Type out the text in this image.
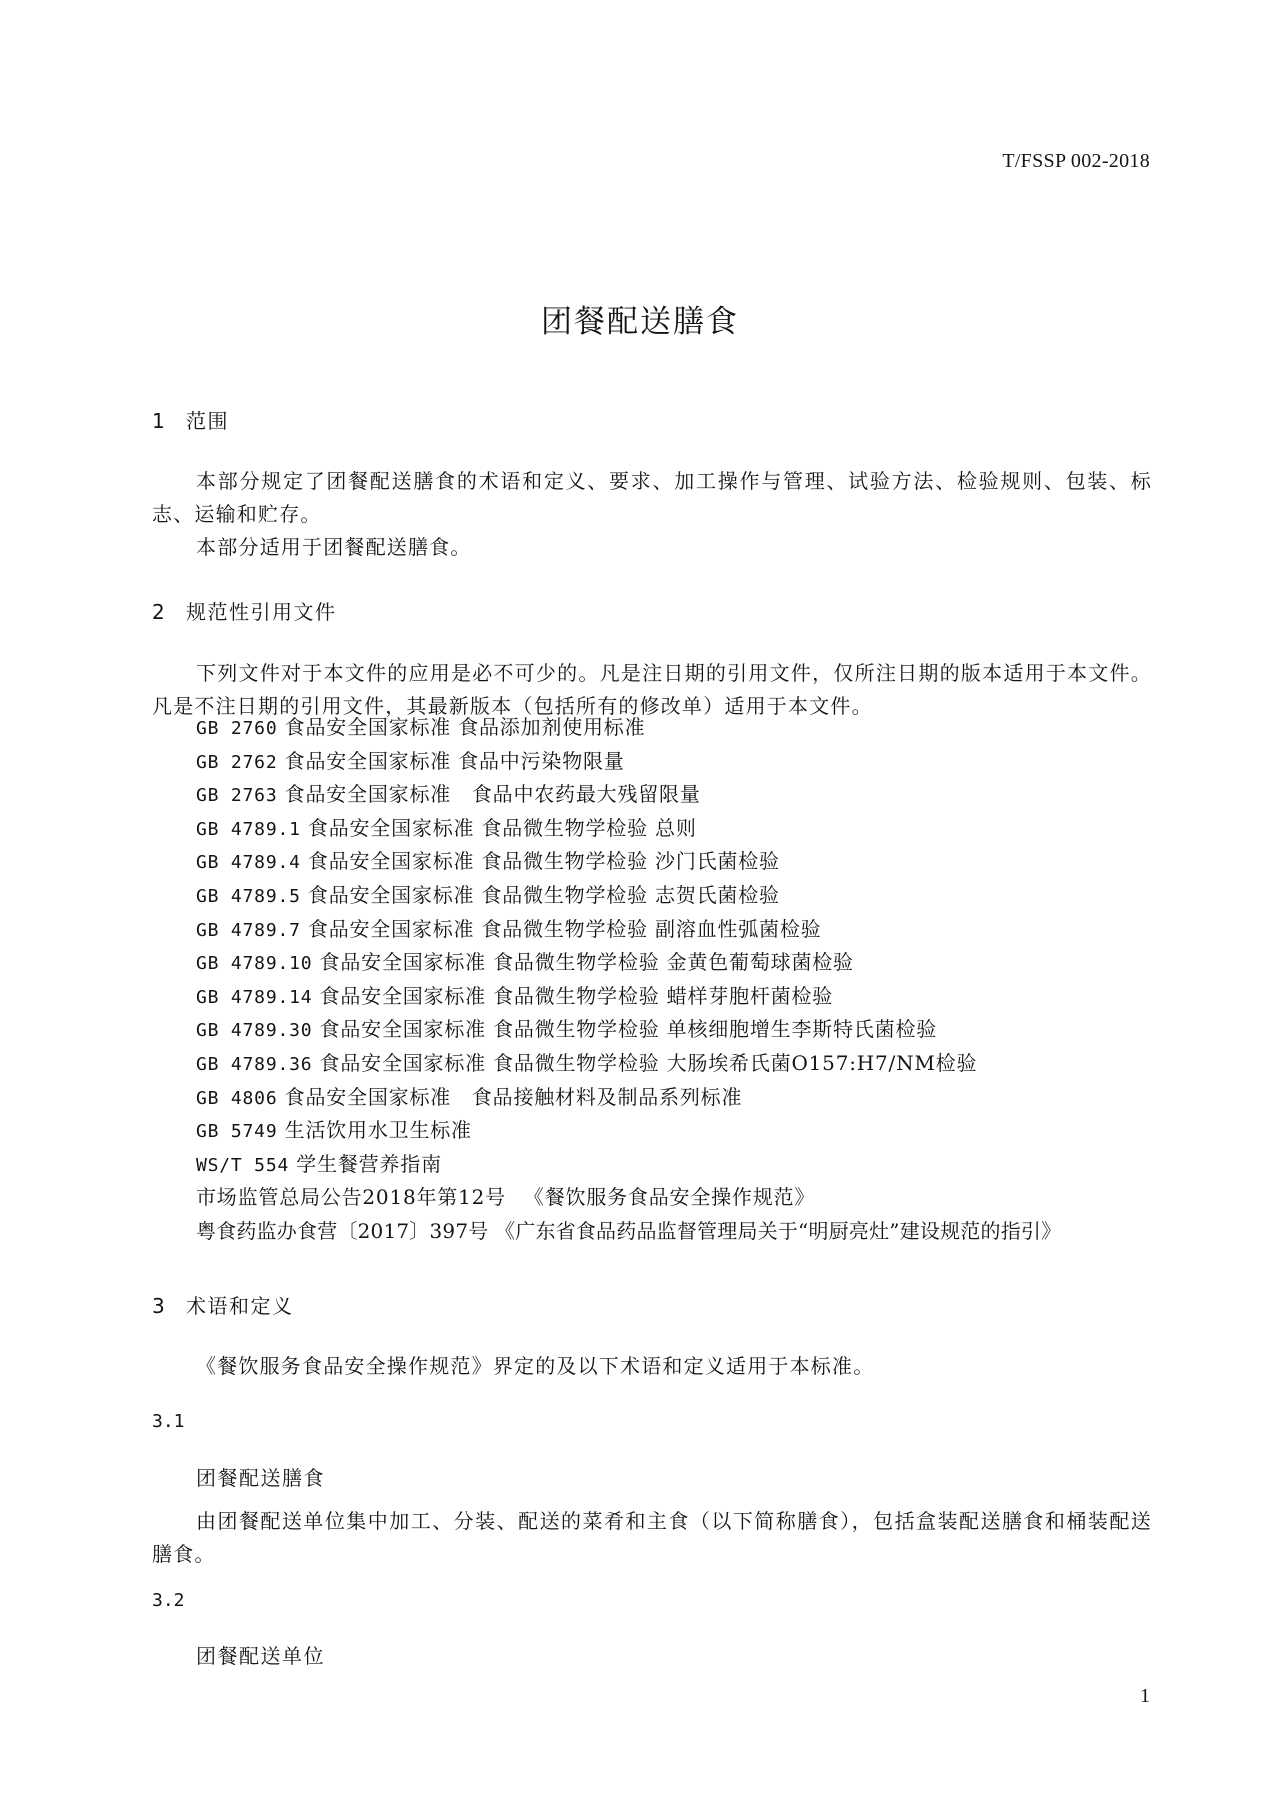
T/FSSP 002-2018
团餐配送膳食
1 范围
本部分规定了团餐配送膳食的术语和定义、要求、加工操作与管理、试验方法、检验规则、包装、标志、运输和贮存。
本部分适用于团餐配送膳食。
2 规范性引用文件
下列文件对于本文件的应用是必不可少的。凡是注日期的引用文件，仅所注日期的版本适用于本文件。凡是不注日期的引用文件，其最新版本（包括所有的修改单）适用于本文件。
GB 2760 食品安全国家标准 食品添加剂使用标准
GB 2762 食品安全国家标准 食品中污染物限量
GB 2763 食品安全国家标准　食品中农药最大残留限量
GB 4789.1 食品安全国家标准 食品微生物学检验 总则
GB 4789.4 食品安全国家标准 食品微生物学检验 沙门氏菌检验
GB 4789.5 食品安全国家标准 食品微生物学检验 志贺氏菌检验
GB 4789.7 食品安全国家标准 食品微生物学检验 副溶血性弧菌检验
GB 4789.10 食品安全国家标准 食品微生物学检验 金黄色葡萄球菌检验
GB 4789.14 食品安全国家标准 食品微生物学检验 蜡样芽胞杆菌检验
GB 4789.30 食品安全国家标准 食品微生物学检验 单核细胞增生李斯特氏菌检验
GB 4789.36 食品安全国家标准 食品微生物学检验 大肠埃希氏菌O157:H7/NM检验
GB 4806 食品安全国家标准　食品接触材料及制品系列标准
GB 5749 生活饮用水卫生标准
WS/T 554 学生餐营养指南
市场监管总局公告2018年第12号 　《餐饮服务食品安全操作规范》
粤食药监办食营〔2017〕397号 《广东省食品药品监督管理局关于“明厨亮灶”建设规范的指引》
3 术语和定义
《餐饮服务食品安全操作规范》界定的及以下术语和定义适用于本标准。
3.1
团餐配送膳食
由团餐配送单位集中加工、分装、配送的菜肴和主食（以下简称膳食），包括盒装配送膳食和桶装配送膳食。
3.2
团餐配送单位
1
